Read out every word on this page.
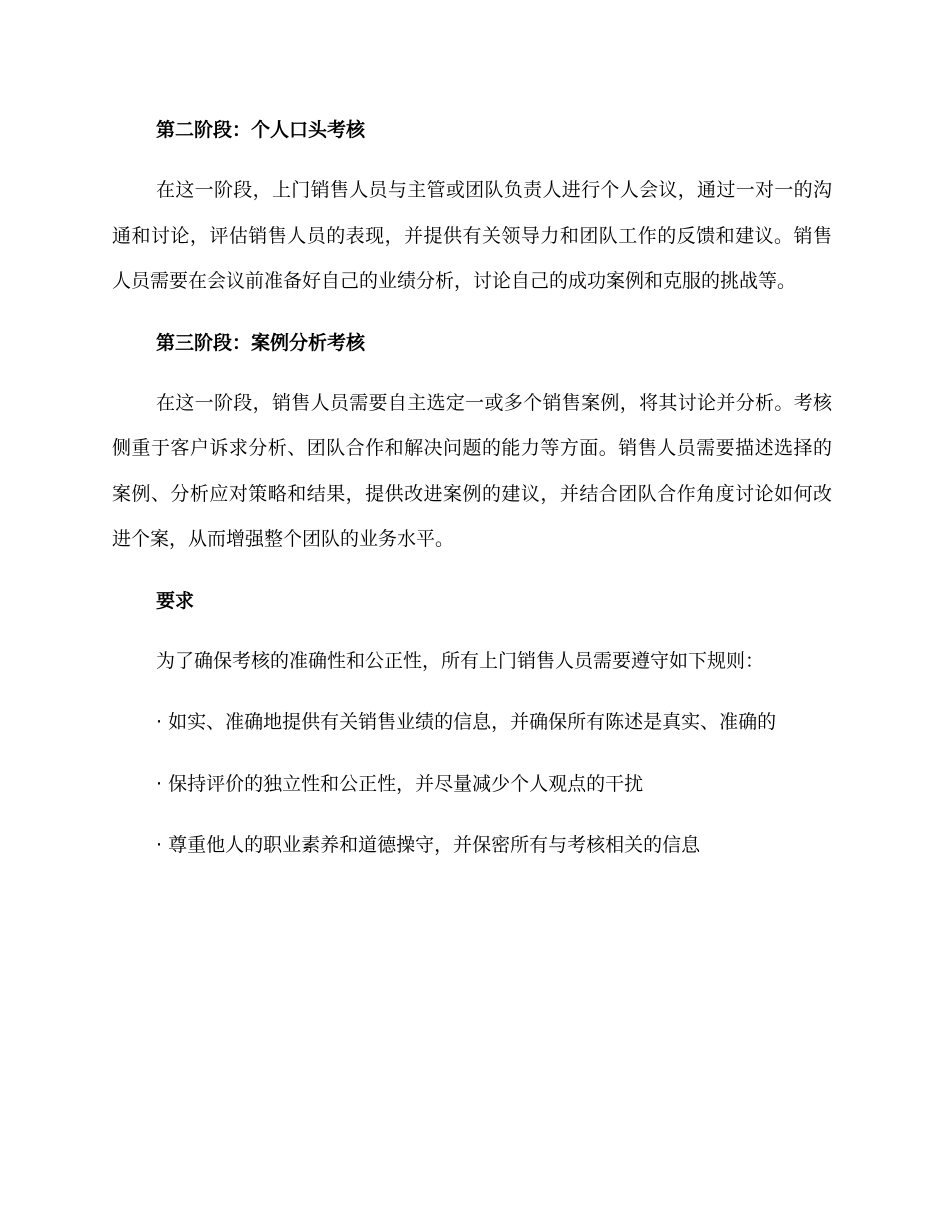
第二阶段：个人口头考核

在这一阶段，上门销售人员与主管或团队负责人进行个人会议，通过一对一的沟通和讨论，评估销售人员的表现，并提供有关领导力和团队工作的反馈和建议。销售人员需要在会议前准备好自己的业绩分析，讨论自己的成功案例和克服的挑战等。

第三阶段：案例分析考核

在这一阶段，销售人员需要自主选定一或多个销售案例，将其讨论并分析。考核侧重于客户诉求分析、团队合作和解决问题的能力等方面。销售人员需要描述选择的案例、分析应对策略和结果，提供改进案例的建议，并结合团队合作角度讨论如何改进个案，从而增强整个团队的业务水平。

要求

为了确保考核的准确性和公正性，所有上门销售人员需要遵守如下规则：

· 如实、准确地提供有关销售业绩的信息，并确保所有陈述是真实、准确的

· 保持评价的独立性和公正性，并尽量减少个人观点的干扰

· 尊重他人的职业素养和道德操守，并保密所有与考核相关的信息
